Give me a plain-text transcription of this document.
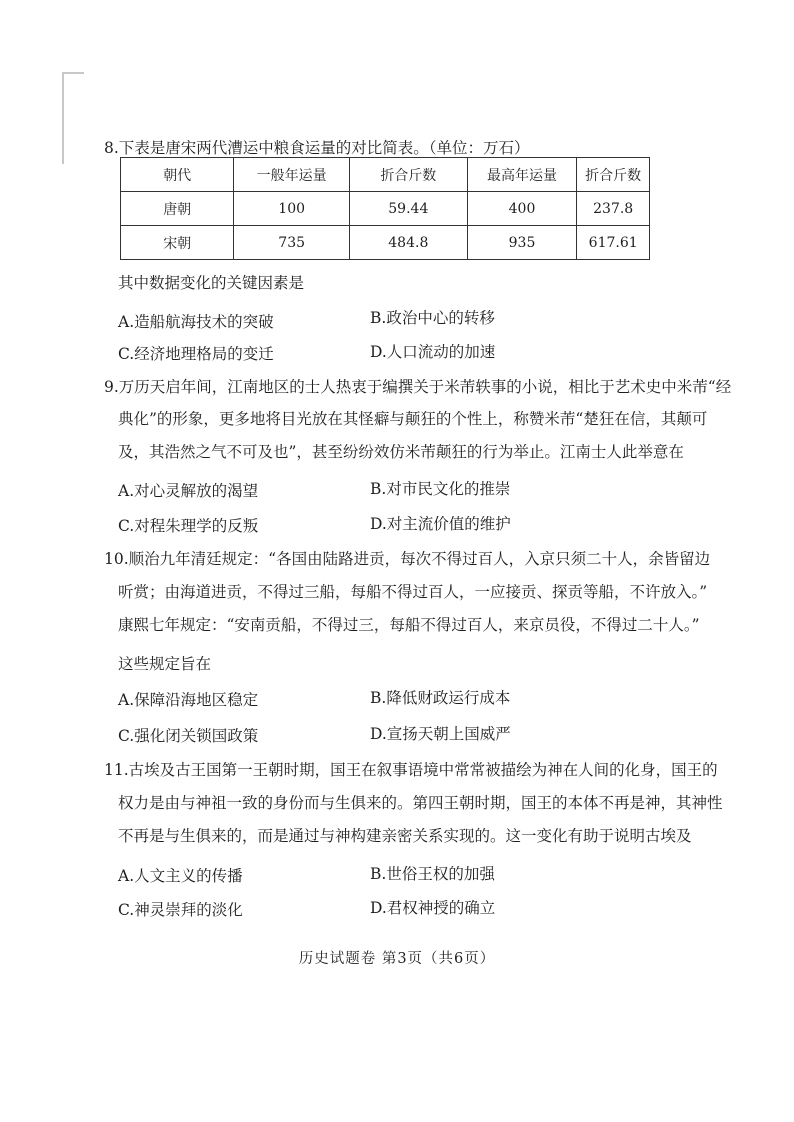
8.下表是唐宋两代漕运中粮食运量的对比简表。（单位：万石）
朝代	一般年运量	折合斤数	最高年运量	折合斤数
唐朝	100	59.44	400	237.8
宋朝	735	484.8	935	617.61
其中数据变化的关键因素是
A.造船航海技术的突破	B.政治中心的转移
C.经济地理格局的变迁	D.人口流动的加速
9.万历天启年间，江南地区的士人热衷于编撰关于米芾轶事的小说，相比于艺术史中米芾“经
典化”的形象，更多地将目光放在其怪癖与颠狂的个性上，称赞米芾“楚狂在信，其颠可
及，其浩然之气不可及也”，甚至纷纷效仿米芾颠狂的行为举止。江南士人此举意在
A.对心灵解放的渴望	B.对市民文化的推崇
C.对程朱理学的反叛	D.对主流价值的维护
10.顺治九年清廷规定：“各国由陆路进贡，每次不得过百人，入京只须二十人，余皆留边
听赏；由海道进贡，不得过三船，每船不得过百人，一应接贡、探贡等船，不许放入。”
康熙七年规定：“安南贡船，不得过三，每船不得过百人，来京员役，不得过二十人。”
这些规定旨在
A.保障沿海地区稳定	B.降低财政运行成本
C.强化闭关锁国政策	D.宣扬天朝上国威严
11.古埃及古王国第一王朝时期，国王在叙事语境中常常被描绘为神在人间的化身，国王的
权力是由与神祖一致的身份而与生俱来的。第四王朝时期，国王的本体不再是神，其神性
不再是与生俱来的，而是通过与神构建亲密关系实现的。这一变化有助于说明古埃及
A.人文主义的传播	B.世俗王权的加强
C.神灵崇拜的淡化	D.君权神授的确立
历史试题卷 第3页（共6页）
